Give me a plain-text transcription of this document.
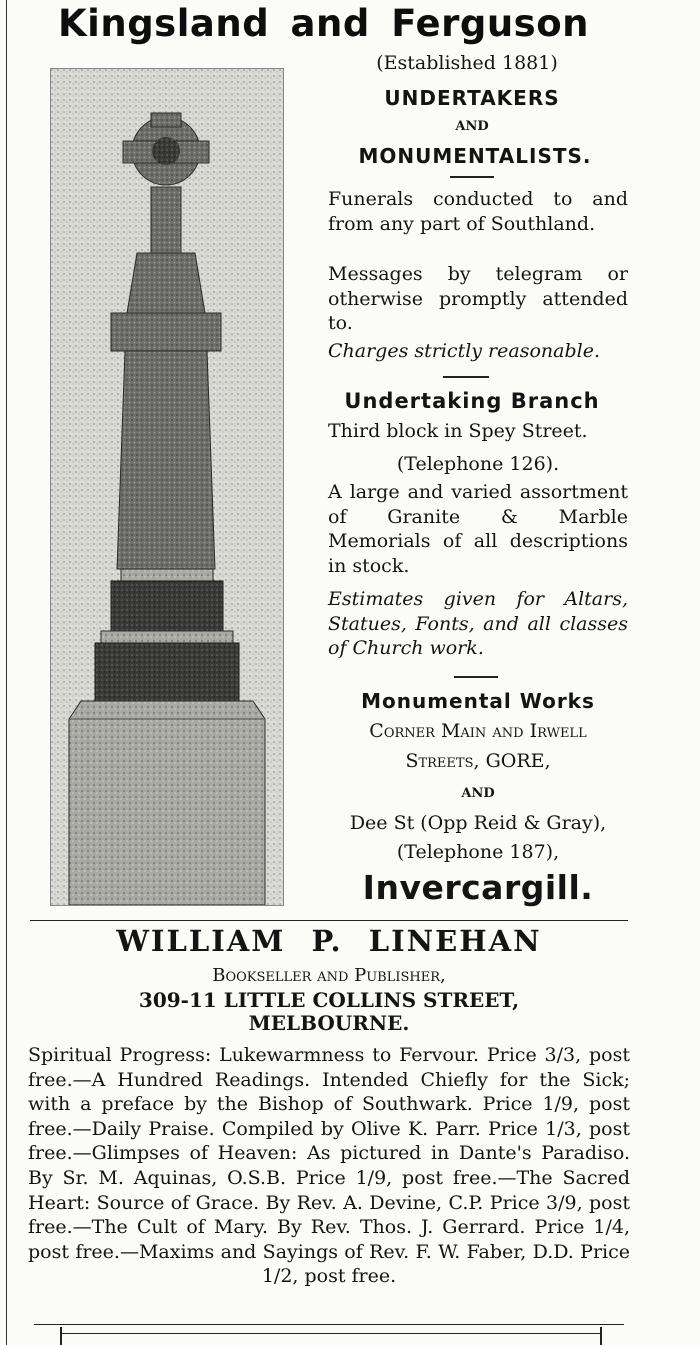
Kingsland and Ferguson
(Established 1881)
UNDERTAKERS
AND
MONUMENTALISTS.
Funerals conducted to and from any part of Southland.
Messages by telegram or otherwise promptly attended to.
Charges strictly reasonable.
Undertaking Branch
Third block in Spey Street.
(Telephone 126).
A large and varied assortment of Granite & Marble Memorials of all descriptions in stock.
Estimates given for Altars, Statues, Fonts, and all classes of Church work.
Monumental Works
Corner Main and Irwell
Streets, GORE,
AND
Dee St (Opp Reid & Gray),
(Telephone 187),
Invercargill.
WILLIAM P. LINEHAN
Bookseller and Publisher,
309-11 LITTLE COLLINS STREET,
MELBOURNE.
Spiritual Progress: Lukewarmness to Fervour. Price 3/3, post free.—A Hundred Readings. Intended Chiefly for the Sick; with a preface by the Bishop of Southwark. Price 1/9, post free.—Daily Praise. Compiled by Olive K. Parr. Price 1/3, post free.—Glimpses of Heaven: As pictured in Dante's Paradiso. By Sr. M. Aquinas, O.S.B. Price 1/9, post free.—The Sacred Heart: Source of Grace. By Rev. A. Devine, C.P. Price 3/9, post free.—The Cult of Mary. By Rev. Thos. J. Gerrard. Price 1/4, post free.—Maxims and Sayings of Rev. F. W. Faber, D.D. Price 1/2, post free.
